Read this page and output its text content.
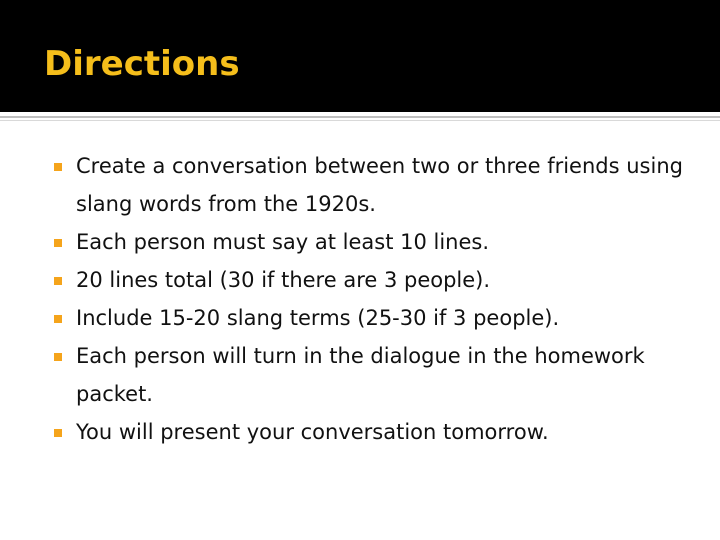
Directions
Create a conversation between two or three friends using slang words from the 1920s.
Each person must say at least 10 lines.
20 lines total (30 if there are 3 people).
Include 15-20 slang terms (25-30 if 3 people).
Each person will turn in the dialogue in the homework packet.
You will present your conversation tomorrow.
